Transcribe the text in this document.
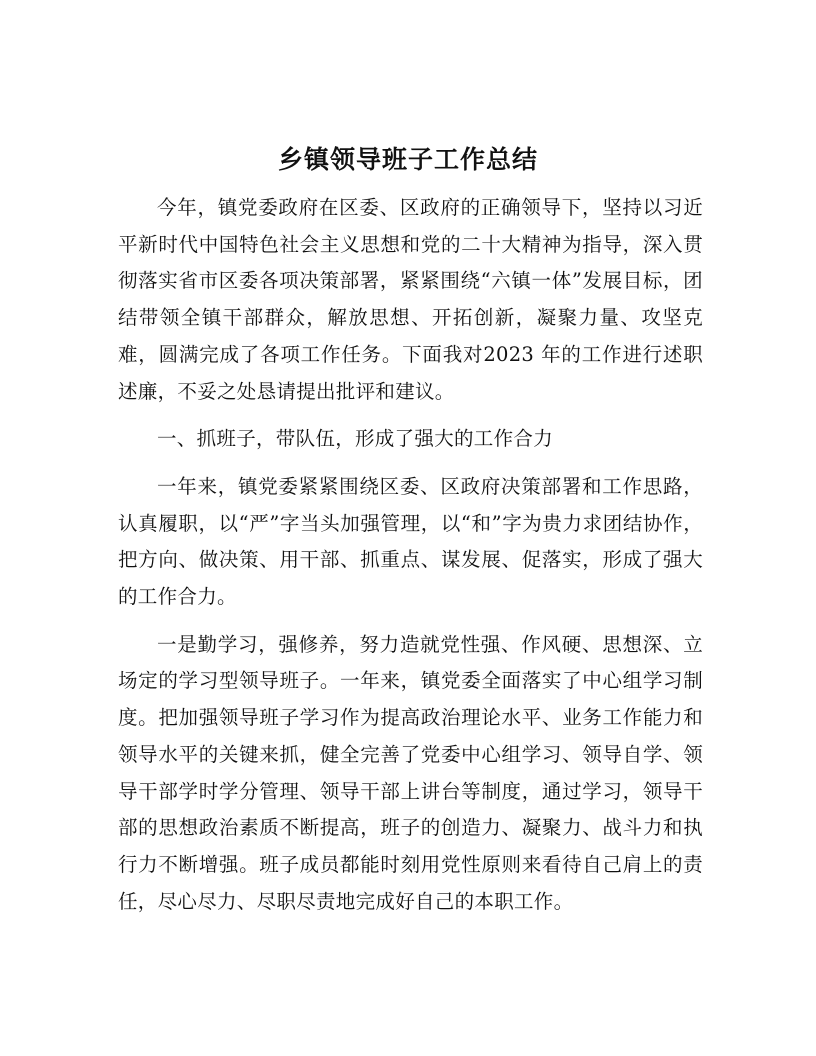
乡镇领导班子工作总结

今年，镇党委政府在区委、区政府的正确领导下，坚持以习近平新时代中国特色社会主义思想和党的二十大精神为指导，深入贯彻落实省市区委各项决策部署，紧紧围绕“六镇一体”发展目标，团结带领全镇干部群众，解放思想、开拓创新，凝聚力量、攻坚克难，圆满完成了各项工作任务。下面我对2023 年的工作进行述职述廉，不妥之处恳请提出批评和建议。

一、抓班子，带队伍，形成了强大的工作合力

一年来，镇党委紧紧围绕区委、区政府决策部署和工作思路，认真履职，以“严”字当头加强管理，以“和”字为贵力求团结协作，把方向、做决策、用干部、抓重点、谋发展、促落实，形成了强大的工作合力。

一是勤学习，强修养，努力造就党性强、作风硬、思想深、立场定的学习型领导班子。一年来，镇党委全面落实了中心组学习制度。把加强领导班子学习作为提高政治理论水平、业务工作能力和领导水平的关键来抓，健全完善了党委中心组学习、领导自学、领导干部学时学分管理、领导干部上讲台等制度，通过学习，领导干部的思想政治素质不断提高，班子的创造力、凝聚力、战斗力和执行力不断增强。班子成员都能时刻用党性原则来看待自己肩上的责任，尽心尽力、尽职尽责地完成好自己的本职工作。
